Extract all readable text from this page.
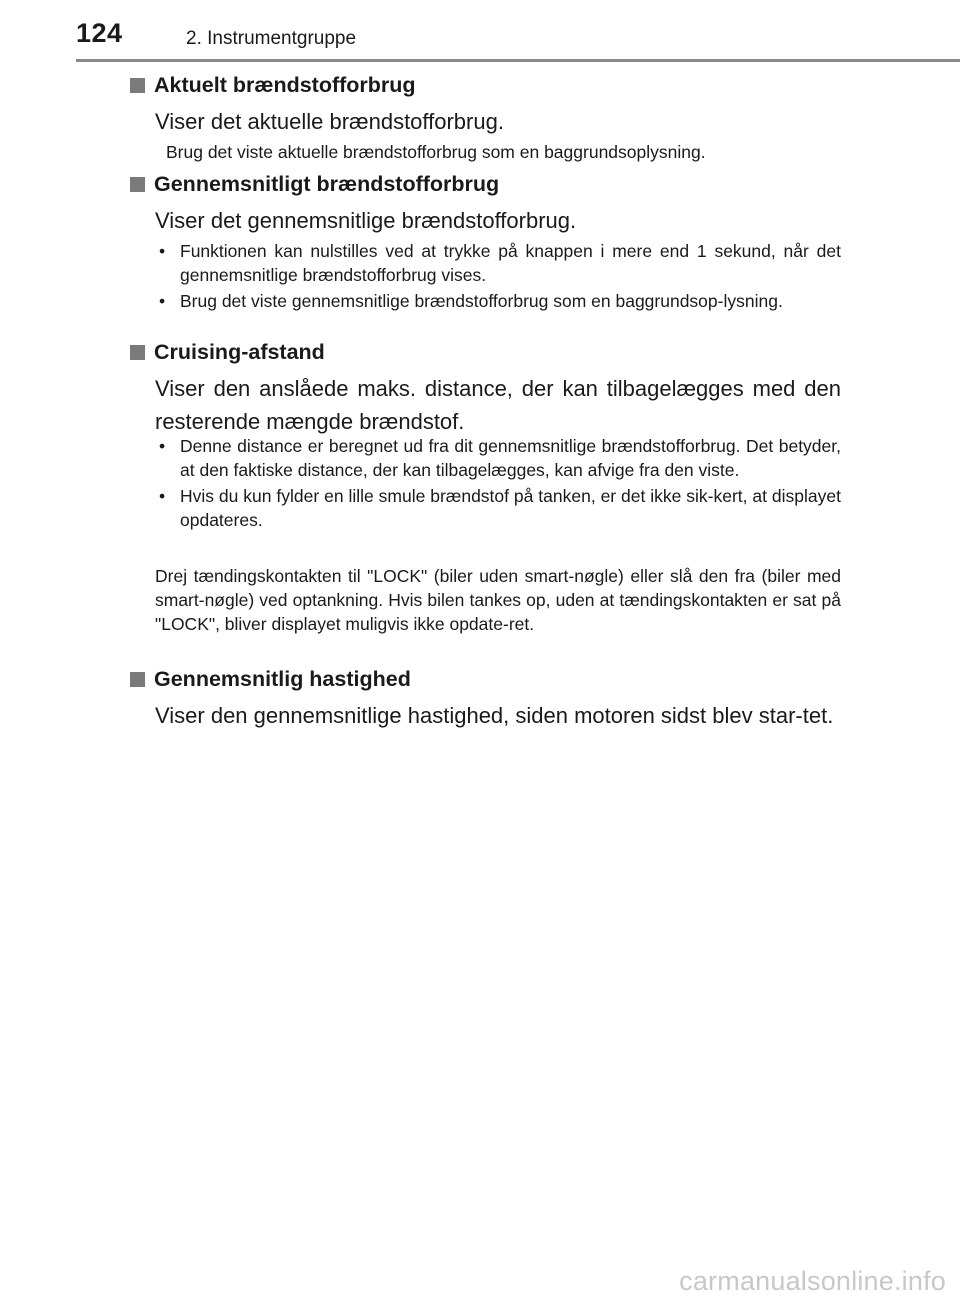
124	2. Instrumentgruppe
Aktuelt brændstofforbrug
Viser det aktuelle brændstofforbrug.
Brug det viste aktuelle brændstofforbrug som en baggrundsoplysning.
Gennemsnitligt brændstofforbrug
Viser det gennemsnitlige brændstofforbrug.
• Funktionen kan nulstilles ved at trykke på knappen i mere end 1 sekund, når det gennemsnitlige brændstofforbrug vises.
• Brug det viste gennemsnitlige brændstofforbrug som en baggrundsop-lysning.
Cruising-afstand
Viser den anslåede maks. distance, der kan tilbagelægges med den resterende mængde brændstof.
• Denne distance er beregnet ud fra dit gennemsnitlige brændstofforbrug. Det betyder, at den faktiske distance, der kan tilbagelægges, kan afvige fra den viste.
• Hvis du kun fylder en lille smule brændstof på tanken, er det ikke sik-kert, at displayet opdateres.
Drej tændingskontakten til "LOCK" (biler uden smart-nøgle) eller slå den fra (biler med smart-nøgle) ved optankning. Hvis bilen tankes op, uden at tændingskontakten er sat på "LOCK", bliver displayet muligvis ikke opdate-ret.
Gennemsnitlig hastighed
Viser den gennemsnitlige hastighed, siden motoren sidst blev star-tet.
carmanualsonline.info
